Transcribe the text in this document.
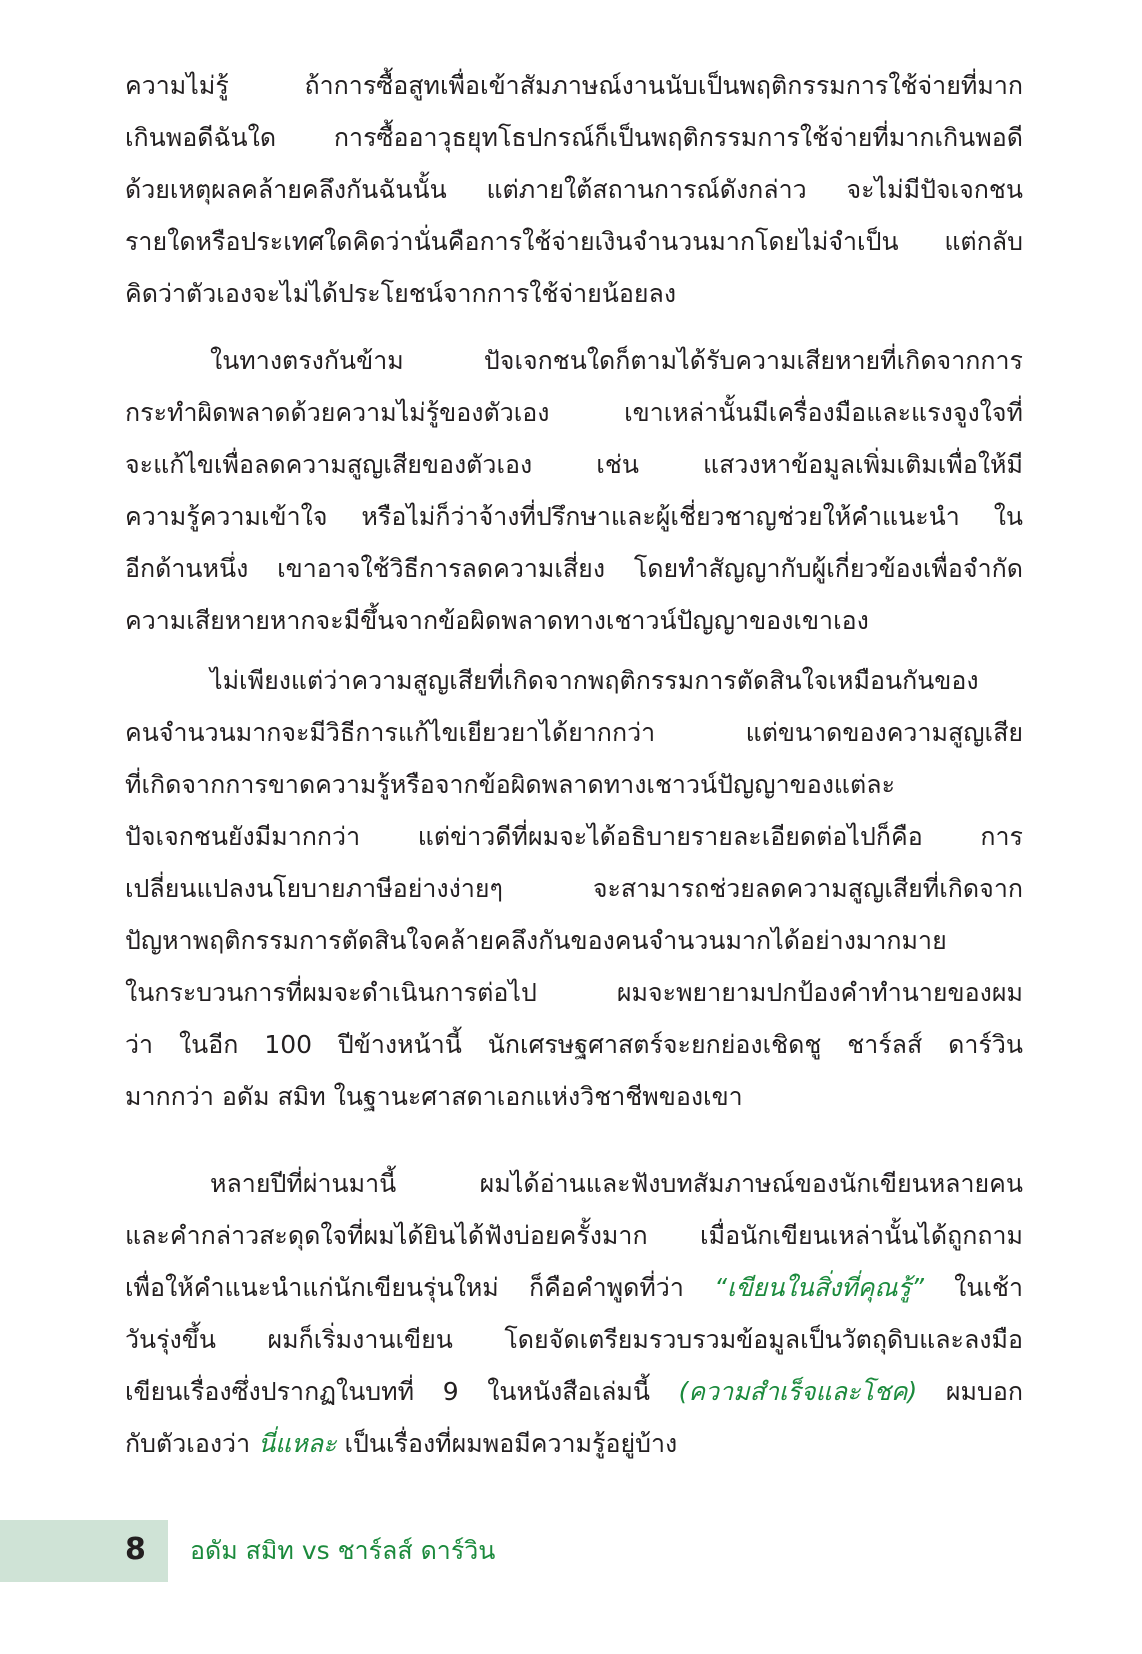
ความไม่รู้ ถ้าการซื้อสูทเพื่อเข้าสัมภาษณ์งานนับเป็นพฤติกรรมการใช้จ่ายที่มาก
เกินพอดีฉันใด การซื้ออาวุธยุทโธปกรณ์ก็เป็นพฤติกรรมการใช้จ่ายที่มากเกินพอดี
ด้วยเหตุผลคล้ายคลึงกันฉันนั้น แต่ภายใต้สถานการณ์ดังกล่าว จะไม่มีปัจเจกชน
รายใดหรือประเทศใดคิดว่านั่นคือการใช้จ่ายเงินจำนวนมากโดยไม่จำเป็น แต่กลับ
คิดว่าตัวเองจะไม่ได้ประโยชน์จากการใช้จ่ายน้อยลง
ในทางตรงกันข้าม ปัจเจกชนใดก็ตามได้รับความเสียหายที่เกิดจากการ
กระทำผิดพลาดด้วยความไม่รู้ของตัวเอง เขาเหล่านั้นมีเครื่องมือและแรงจูงใจที่
จะแก้ไขเพื่อลดความสูญเสียของตัวเอง เช่น แสวงหาข้อมูลเพิ่มเติมเพื่อให้มี
ความรู้ความเข้าใจ หรือไม่ก็ว่าจ้างที่ปรึกษาและผู้เชี่ยวชาญช่วยให้คำแนะนำ ใน
อีกด้านหนึ่ง เขาอาจใช้วิธีการลดความเสี่ยง โดยทำสัญญากับผู้เกี่ยวข้องเพื่อจำกัด
ความเสียหายหากจะมีขึ้นจากข้อผิดพลาดทางเชาวน์ปัญญาของเขาเอง
ไม่เพียงแต่ว่าความสูญเสียที่เกิดจากพฤติกรรมการตัดสินใจเหมือนกันของ
คนจำนวนมากจะมีวิธีการแก้ไขเยียวยาได้ยากกว่า แต่ขนาดของความสูญเสีย
ที่เกิดจากการขาดความรู้หรือจากข้อผิดพลาดทางเชาวน์ปัญญาของแต่ละ
ปัจเจกชนยังมีมากกว่า แต่ข่าวดีที่ผมจะได้อธิบายรายละเอียดต่อไปก็คือ การ
เปลี่ยนแปลงนโยบายภาษีอย่างง่ายๆ จะสามารถช่วยลดความสูญเสียที่เกิดจาก
ปัญหาพฤติกรรมการตัดสินใจคล้ายคลึงกันของคนจำนวนมากได้อย่างมากมาย
ในกระบวนการที่ผมจะดำเนินการต่อไป ผมจะพยายามปกป้องคำทำนายของผม
ว่า ในอีก 100 ปีข้างหน้านี้ นักเศรษฐศาสตร์จะยกย่องเชิดชู ชาร์ลส์ ดาร์วิน
มากกว่า อดัม สมิท ในฐานะศาสดาเอกแห่งวิชาชีพของเขา
หลายปีที่ผ่านมานี้ ผมได้อ่านและฟังบทสัมภาษณ์ของนักเขียนหลายคน
และคำกล่าวสะดุดใจที่ผมได้ยินได้ฟังบ่อยครั้งมาก เมื่อนักเขียนเหล่านั้นได้ถูกถาม
เพื่อให้คำแนะนำแก่นักเขียนรุ่นใหม่ ก็คือคำพูดที่ว่า “เขียนในสิ่งที่คุณรู้” ในเช้า
วันรุ่งขึ้น ผมก็เริ่มงานเขียน โดยจัดเตรียมรวบรวมข้อมูลเป็นวัตถุดิบและลงมือ
เขียนเรื่องซึ่งปรากฏในบทที่ 9 ในหนังสือเล่มนี้ (ความสำเร็จและโชค) ผมบอก
กับตัวเองว่า นี่แหละ เป็นเรื่องที่ผมพอมีความรู้อยู่บ้าง
8 อดัม สมิท vs ชาร์ลส์ ดาร์วิน
